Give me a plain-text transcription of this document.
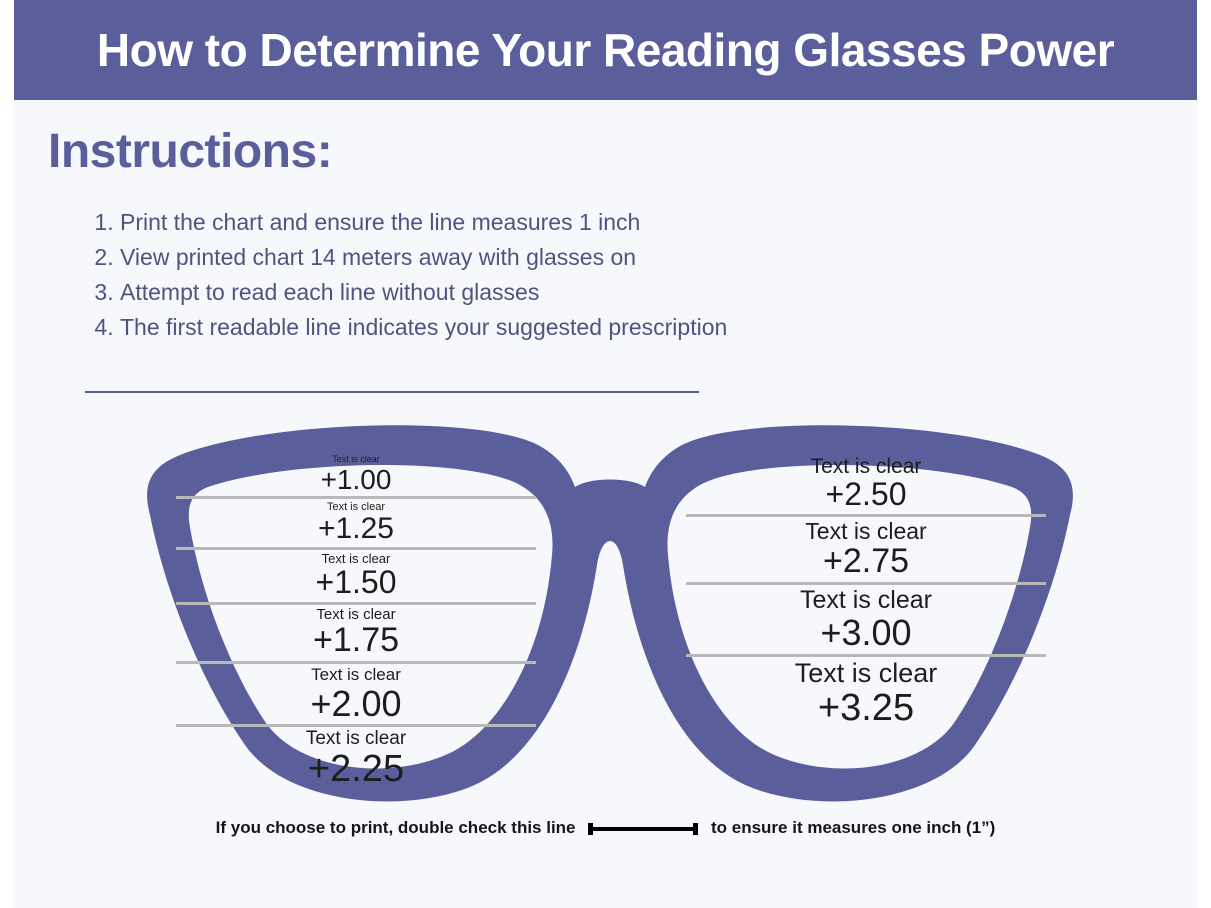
How to Determine Your Reading Glasses Power
Instructions:
1. Print the chart and ensure the line measures 1 inch
2. View printed chart 14 meters away with glasses on
3. Attempt to read each line without glasses
4. The first readable line indicates your suggested prescription
Text is clear
+1.00
Text is clear
+1.25
Text is clear
+1.50
Text is clear
+1.75
Text is clear
+2.00
Text is clear
+2.25
Text is clear
+2.50
Text is clear
+2.75
Text is clear
+3.00
Text is clear
+3.25
If you choose to print, double check this line	to ensure it measures one inch (1”)
